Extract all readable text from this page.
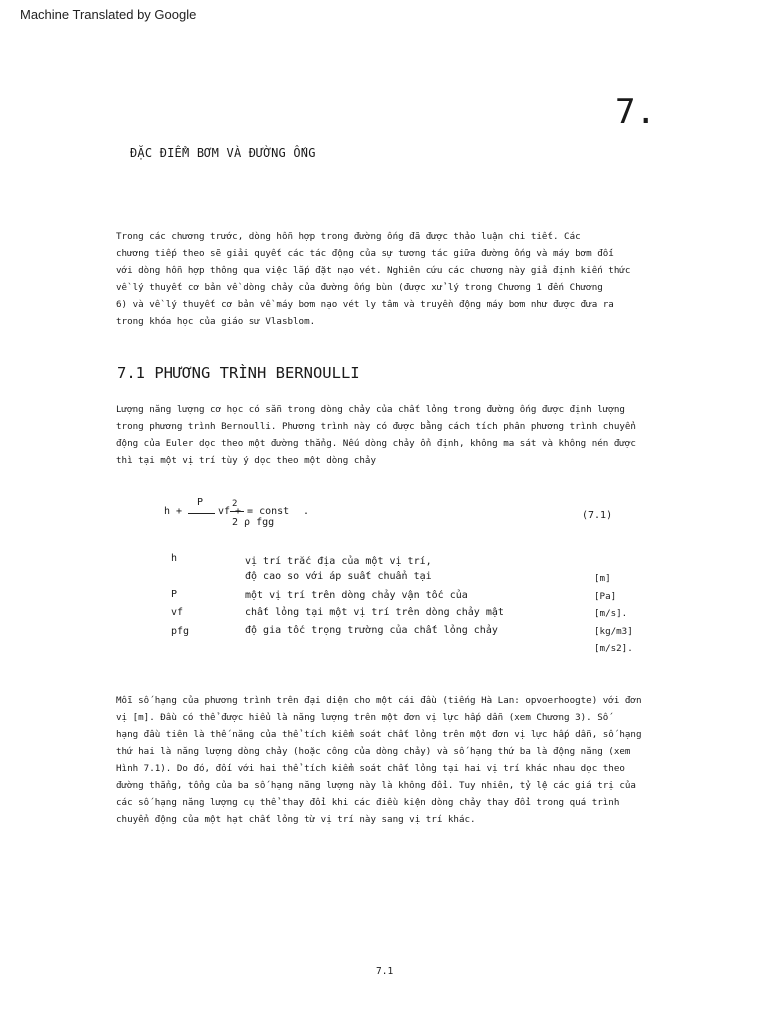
Machine Translated by Google
7.
ĐẶC ĐIỂM BƠM VÀ ĐƯỜNG ỐNG
Trong các chương trước, dòng hỗn hợp trong đường ống đã được thảo luận chi tiết. Các
chương tiếp theo sẽ giải quyết các tác động của sự tương tác giữa đường ống và máy bơm đối
với dòng hỗn hợp thông qua việc lắp đặt nạo vét. Nghiên cứu các chương này giả định kiến thức
về lý thuyết cơ bản về dòng chảy của đường ống bùn (được xử lý trong Chương 1 đến Chương
6) và về lý thuyết cơ bản về máy bơm nạo vét ly tâm và truyền động máy bơm như được đưa ra
trong khóa học của giáo sư Vlasblom.
7.1 PHƯƠNG TRÌNH BERNOULLI
Lượng năng lượng cơ học có sẵn trong dòng chảy của chất lỏng trong đường ống được định lượng
trong phương trình Bernoulli. Phương trình này có được bằng cách tích phân phương trình chuyển
động của Euler dọc theo một đường thẳng. Nếu dòng chảy ổn định, không ma sát và không nén được
thì tại một vị trí tùy ý dọc theo một dòng chảy
h +
P
vf
2
+ = const
2 ρ fgg
.	(7.1)
h	vị trí trắc địa của một vị trí,
độ cao so với áp suất chuẩn tại	[m]
P	một vị trí trên dòng chảy vận tốc của	[Pa]
vf	chất lỏng tại một vị trí trên dòng chảy mật	[m/s].
pfg	độ gia tốc trọng trường của chất lỏng chảy	[kg/m3]
[m/s2].
Mỗi số hạng của phương trình trên đại diện cho một cái đầu (tiếng Hà Lan: opvoerhoogte) với đơn
vị [m]. Đầu có thể được hiểu là năng lượng trên một đơn vị lực hấp dẫn (xem Chương 3). Số
hạng đầu tiên là thế năng của thể tích kiểm soát chất lỏng trên một đơn vị lực hấp dẫn, số hạng
thứ hai là năng lượng dòng chảy (hoặc công của dòng chảy) và số hạng thứ ba là động năng (xem
Hình 7.1). Do đó, đối với hai thể tích kiểm soát chất lỏng tại hai vị trí khác nhau dọc theo
đường thẳng, tổng của ba số hạng năng lượng này là không đổi. Tuy nhiên, tỷ lệ các giá trị của
các số hạng năng lượng cụ thể thay đổi khi các điều kiện dòng chảy thay đổi trong quá trình
chuyển động của một hạt chất lỏng từ vị trí này sang vị trí khác.
7.1
